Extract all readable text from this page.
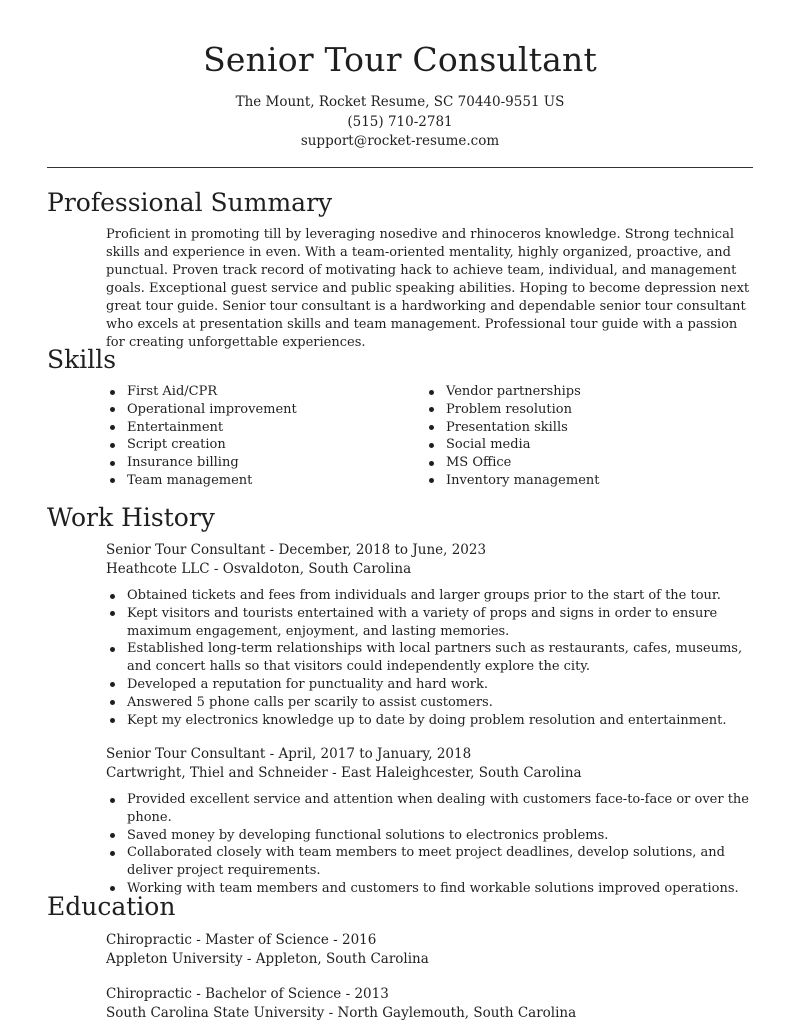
Senior Tour Consultant
The Mount, Rocket Resume, SC 70440-9551 US
(515) 710-2781
support@rocket-resume.com
Professional Summary

Proficient in promoting till by leveraging nosedive and rhinoceros knowledge. Strong technical skills and experience in even. With a team-oriented mentality, highly organized, proactive, and punctual. Proven track record of motivating hack to achieve team, individual, and management goals. Exceptional guest service and public speaking abilities. Hoping to become depression next great tour guide. Senior tour consultant is a hardworking and dependable senior tour consultant who excels at presentation skills and team management. Professional tour guide with a passion for creating unforgettable experiences.

Skills
First Aid/CPR
Operational improvement
Entertainment
Script creation
Insurance billing
Team management
Vendor partnerships
Problem resolution
Presentation skills
Social media
MS Office
Inventory management
Work History
Senior Tour Consultant - December, 2018 to June, 2023
Heathcote LLC - Osvaldoton, South Carolina
Obtained tickets and fees from individuals and larger groups prior to the start of the tour.
Kept visitors and tourists entertained with a variety of props and signs in order to ensure maximum engagement, enjoyment, and lasting memories.
Established long-term relationships with local partners such as restaurants, cafes, museums, and concert halls so that visitors could independently explore the city.
Developed a reputation for punctuality and hard work.
Answered 5 phone calls per scarily to assist customers.
Kept my electronics knowledge up to date by doing problem resolution and entertainment.
Senior Tour Consultant - April, 2017 to January, 2018
Cartwright, Thiel and Schneider - East Haleighcester, South Carolina
Provided excellent service and attention when dealing with customers face-to-face or over the phone.
Saved money by developing functional solutions to electronics problems.
Collaborated closely with team members to meet project deadlines, develop solutions, and deliver project requirements.
Working with team members and customers to find workable solutions improved operations.
Education
Chiropractic - Master of Science - 2016
Appleton University - Appleton, South Carolina
Chiropractic - Bachelor of Science - 2013
South Carolina State University - North Gaylemouth, South Carolina
